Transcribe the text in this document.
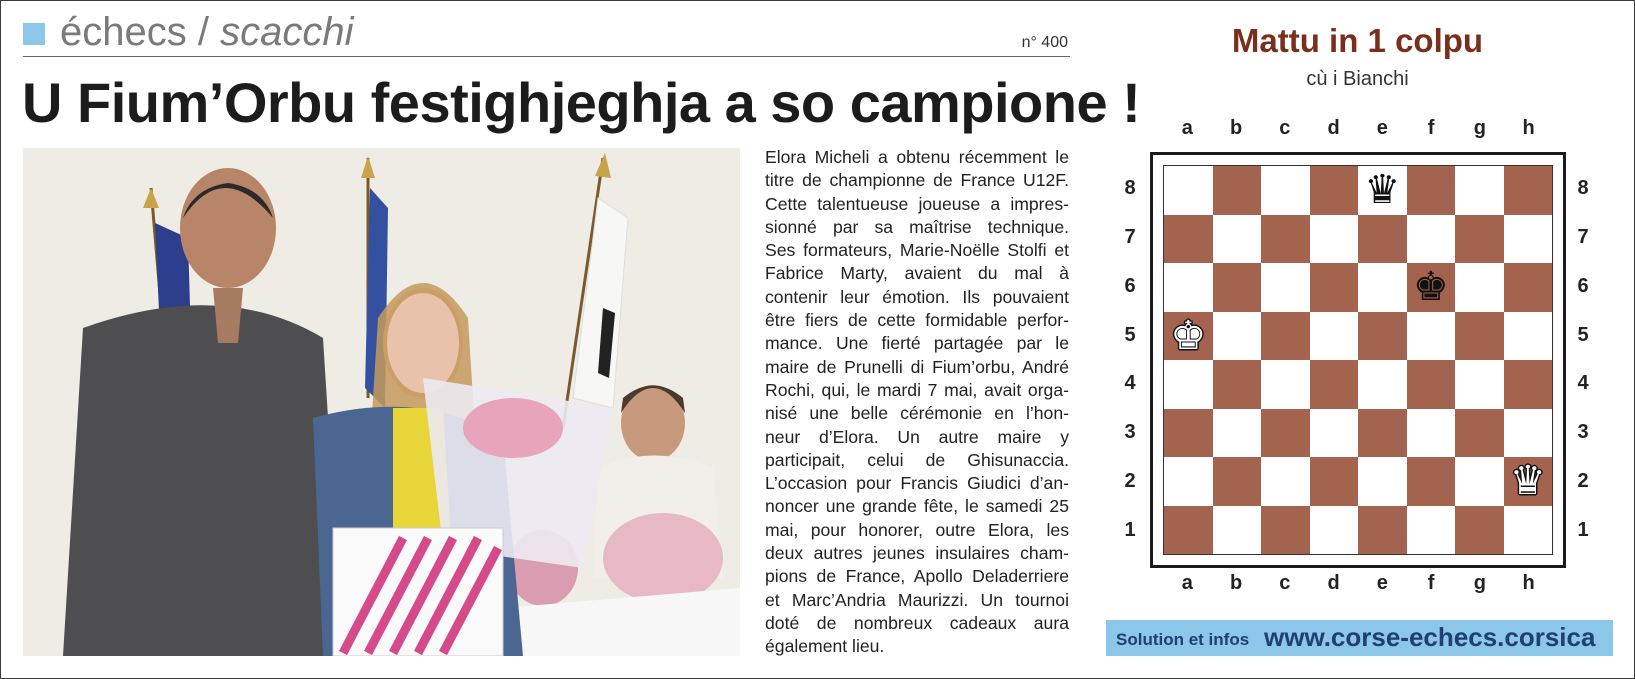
échecs / scacchi	n° 400
U Fium’Orbu festighjeghja a so campione !
Elora Micheli a obtenu récemment le
titre de championne de France U12F.
Cette talentueuse joueuse a impres-
sionné par sa maîtrise technique.
Ses formateurs, Marie-Noëlle Stolfi et
Fabrice Marty, avaient du mal à
contenir leur émotion. Ils pouvaient
être fiers de cette formidable perfor-
mance. Une fierté partagée par le
maire de Prunelli di Fium’orbu, André
Rochi, qui, le mardi 7 mai, avait orga-
nisé une belle cérémonie en l’hon-
neur d’Elora. Un autre maire y
participait, celui de Ghisunaccia.
L’occasion pour Francis Giudici d’an-
noncer une grande fête, le samedi 25
mai, pour honorer, outre Elora, les
deux autres jeunes insulaires cham-
pions de France, Apollo Deladerriere
et Marc’Andria Maurizzi. Un tournoi
doté de nombreux cadeaux aura
également lieu.
Mattu in 1 colpu
cù i Bianchi
a
a
b
b
c
c
d
d
e
e
f
f
g
g
h
h
8	8
7	7
6	6
5	5
4	4
3	3
2	2
1	1
♛
♚
♚
♛
Solution et infos www.corse-echecs.corsica
